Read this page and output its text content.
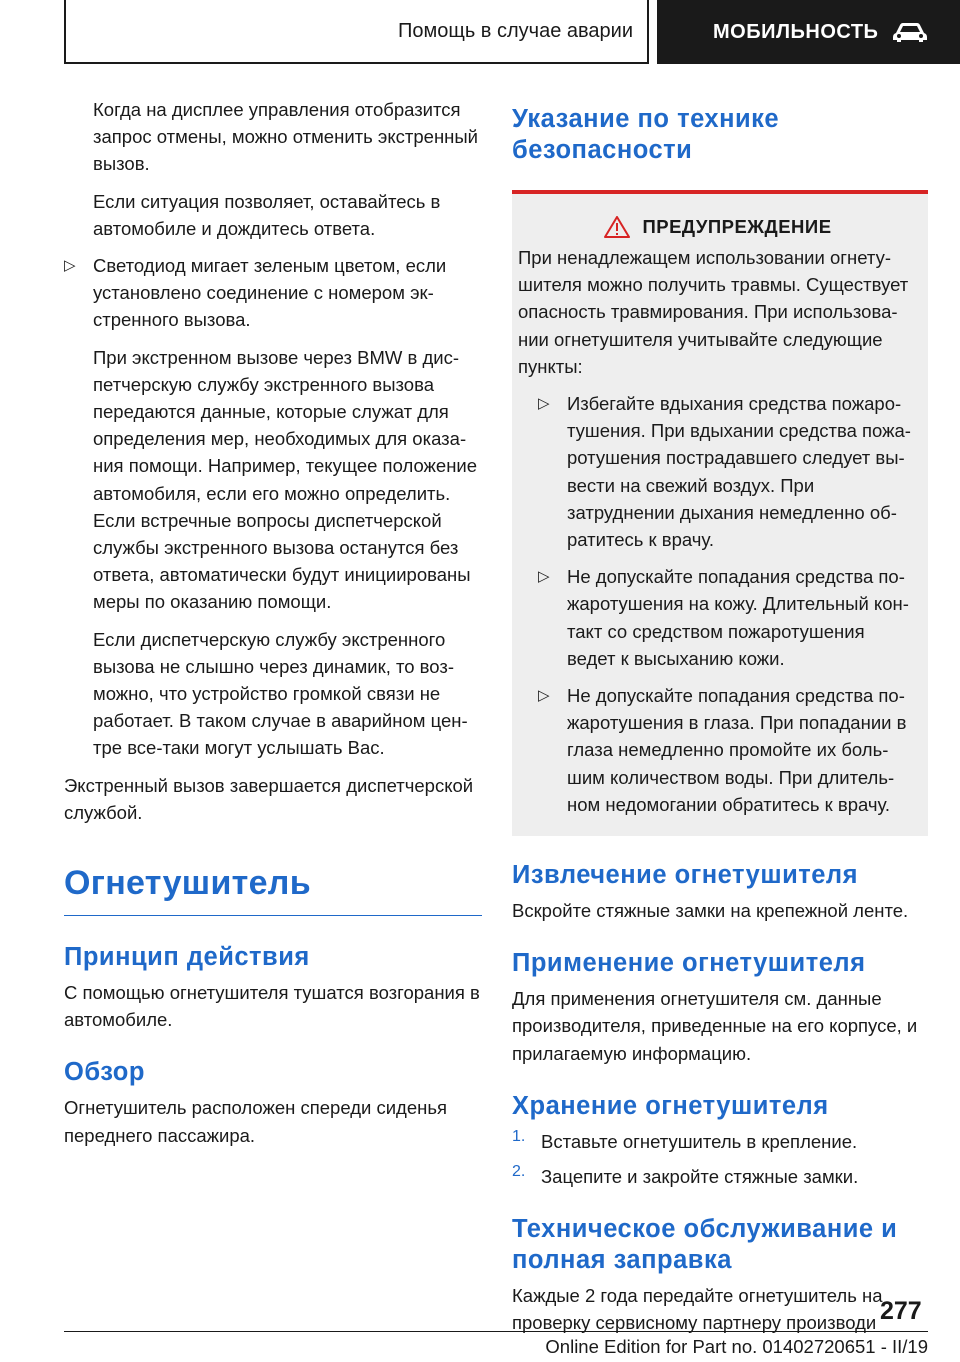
Помощь в случае аварии	МОБИЛЬНОСТЬ

Когда на дисплее управления отобразится запрос отмены, можно отменить экстренный вызов.

Если ситуация позволяет, оставайтесь в автомобиле и дождитесь ответа.

▷ Светодиод мигает зеленым цветом, если установлено соединение с номером экстренного вызова.

При экстренном вызове через BMW в диспетчерскую службу экстренного вызова передаются данные, которые служат для определения мер, необходимых для оказания помощи. Например, текущее положение автомобиля, если его можно определить. Если встречные вопросы диспетчерской службы экстренного вызова останутся без ответа, автоматически будут инициированы меры по оказанию помощи.

Если диспетчерскую службу экстренного вызова не слышно через динамик, то возможно, что устройство громкой связи не работает. В таком случае в аварийном центре все-таки могут услышать Вас.

Экстренный вызов завершается диспетчерской службой.

Огнетушитель
Принцип действия

С помощью огнетушителя тушатся возгорания в автомобиле.

Обзор

Огнетушитель расположен спереди сиденья переднего пассажира.

Указание по технике безопасности
ПРЕДУПРЕЖДЕНИЕ

При ненадлежащем использовании огнетушителя можно получить травмы. Существует опасность травмирования. При использовании огнетушителя учитывайте следующие пункты:

▷ Избегайте вдыхания средства пожаротушения. При вдыхании средства пожаротушения пострадавшего следует вывести на свежий воздух. При затруднении дыхания немедленно обратитесь к врачу.

▷ Не допускайте попадания средства пожаротушения на кожу. Длительный контакт со средством пожаротушения ведет к высыханию кожи.

▷ Не допускайте попадания средства пожаротушения в глаза. При попадании в глаза немедленно промойте их большим количеством воды. При длительном недомогании обратитесь к врачу.

Извлечение огнетушителя

Вскройте стяжные замки на крепежной ленте.

Применение огнетушителя

Для применения огнетушителя см. данные производителя, приведенные на его корпусе, и прилагаемую информацию.

Хранение огнетушителя
1. Вставьте огнетушитель в крепление.

2. Зацепите и закройте стяжные замки.

Техническое обслуживание и полная заправка

Каждые 2 года передайте огнетушитель на проверку сервисному партнеру производи 277
Online Edition for Part no. 01402720651 - II/19
